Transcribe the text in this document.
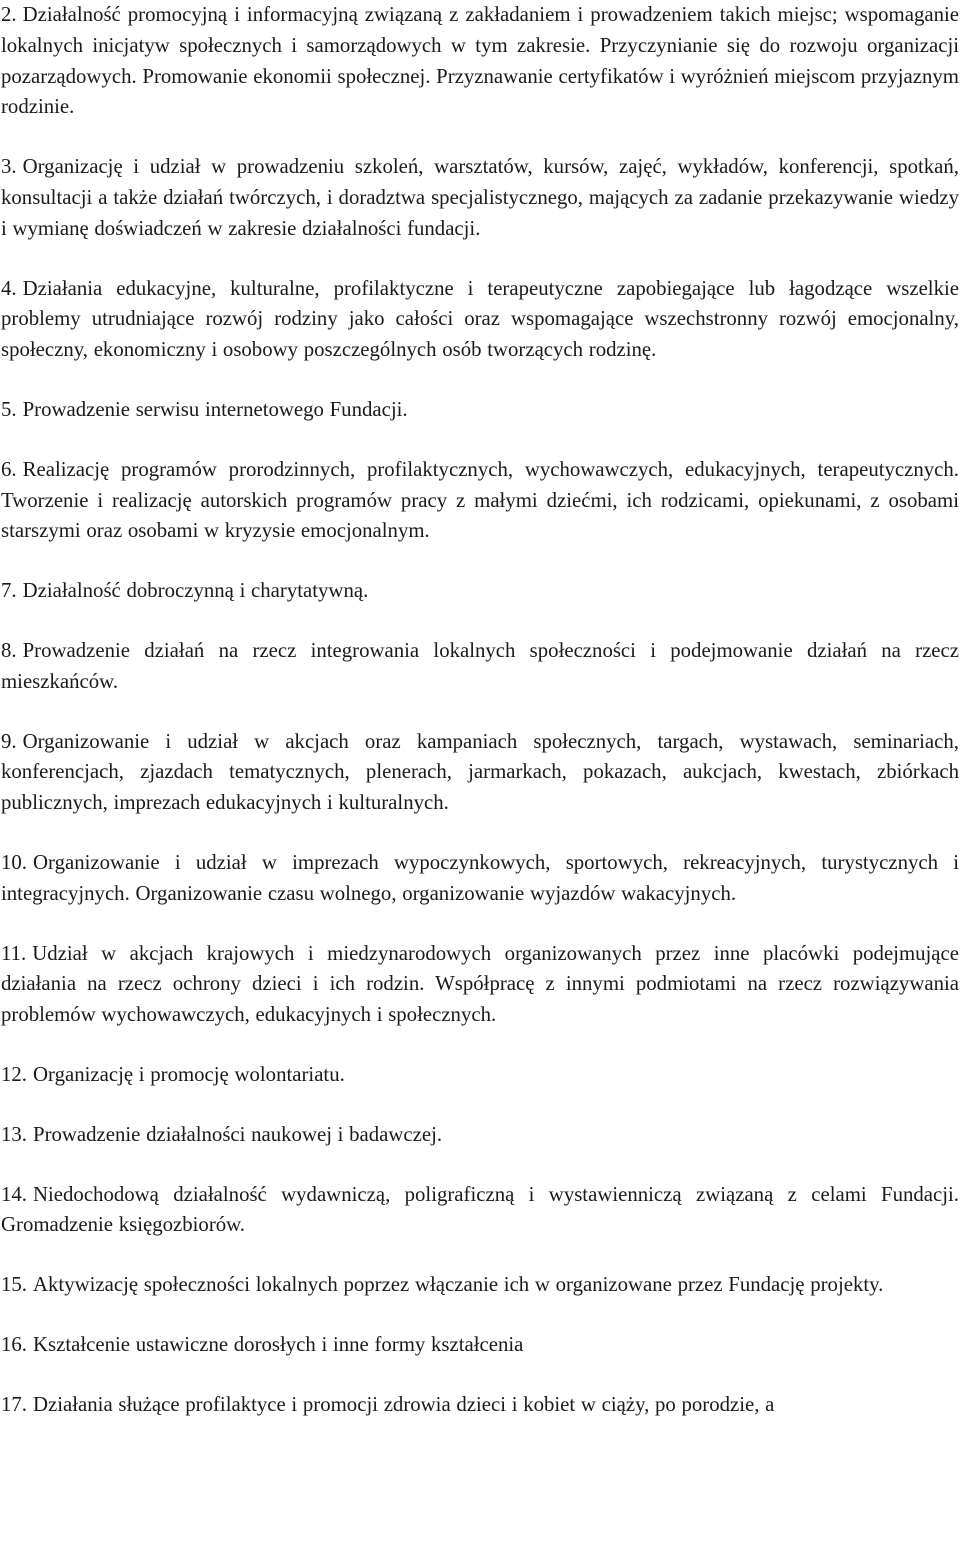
2. Działalność promocyjną i informacyjną związaną z zakładaniem i prowadzeniem takich miejsc; wspomaganie lokalnych inicjatyw społecznych i samorządowych w tym zakresie. Przyczynianie się do rozwoju organizacji pozarządowych. Promowanie ekonomii społecznej. Przyznawanie certyfikatów i wyróżnień miejscom przyjaznym rodzinie.

3. Organizację i udział w prowadzeniu szkoleń, warsztatów, kursów, zajęć, wykładów, konferencji, spotkań, konsultacji a także działań twórczych, i doradztwa specjalistycznego, mających za zadanie przekazywanie wiedzy i wymianę doświadczeń w zakresie działalności fundacji.

4. Działania edukacyjne, kulturalne, profilaktyczne i terapeutyczne zapobiegające lub łagodzące wszelkie problemy utrudniające rozwój rodziny jako całości oraz wspomagające wszechstronny rozwój emocjonalny, społeczny, ekonomiczny i osobowy poszczególnych osób tworzących rodzinę.

5. Prowadzenie serwisu internetowego Fundacji.

6. Realizację programów prorodzinnych, profilaktycznych, wychowawczych, edukacyjnych, terapeutycznych. Tworzenie i realizację autorskich programów pracy z małymi dziećmi, ich rodzicami, opiekunami, z osobami starszymi oraz osobami w kryzysie emocjonalnym.

7. Działalność dobroczynną i charytatywną.

8. Prowadzenie działań na rzecz integrowania lokalnych społeczności i podejmowanie działań na rzecz mieszkańców.

9. Organizowanie i udział w akcjach oraz kampaniach społecznych, targach, wystawach, seminariach, konferencjach, zjazdach tematycznych, plenerach, jarmarkach, pokazach, aukcjach, kwestach, zbiórkach publicznych, imprezach edukacyjnych i kulturalnych.

10. Organizowanie i udział w imprezach wypoczynkowych, sportowych, rekreacyjnych, turystycznych i integracyjnych. Organizowanie czasu wolnego, organizowanie wyjazdów wakacyjnych.

11. Udział w akcjach krajowych i miedzynarodowych organizowanych przez inne placówki podejmujące działania na rzecz ochrony dzieci i ich rodzin. Współpracę z innymi podmiotami na rzecz rozwiązywania problemów wychowawczych, edukacyjnych i społecznych.

12. Organizację i promocję wolontariatu.

13. Prowadzenie działalności naukowej i badawczej.

14. Niedochodową działalność wydawniczą, poligraficzną i wystawienniczą związaną z celami Fundacji. Gromadzenie księgozbiorów.

15. Aktywizację społeczności lokalnych poprzez włączanie ich w organizowane przez Fundację projekty.

16. Kształcenie ustawiczne dorosłych i inne formy kształcenia

17. Działania służące profilaktyce i promocji zdrowia dzieci i kobiet w ciąży, po porodzie, a
